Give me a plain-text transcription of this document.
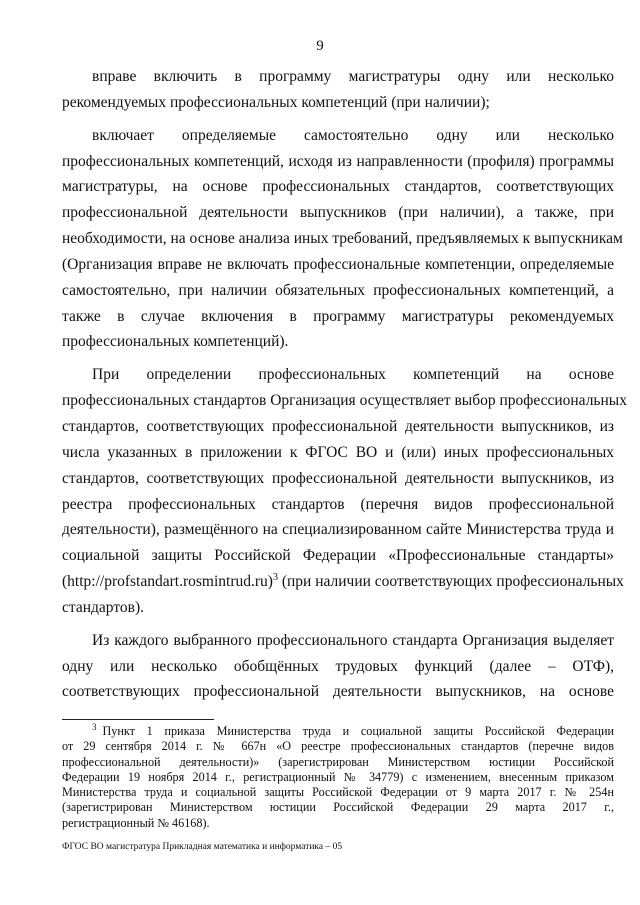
9
вправе включить в программу магистратуры одну или несколько
рекомендуемых профессиональных компетенций (при наличии);
включает определяемые самостоятельно одну или несколько
профессиональных компетенций, исходя из направленности (профиля) программы
магистратуры, на основе профессиональных стандартов, соответствующих
профессиональной деятельности выпускников (при наличии), а также, при
необходимости, на основе анализа иных требований, предъявляемых к выпускникам
(Организация вправе не включать профессиональные компетенции, определяемые
самостоятельно, при наличии обязательных профессиональных компетенций, а
также в случае включения в программу магистратуры рекомендуемых
профессиональных компетенций).
При определении профессиональных компетенций на основе
профессиональных стандартов Организация осуществляет выбор профессиональных
стандартов, соответствующих профессиональной деятельности выпускников, из
числа указанных в приложении к ФГОС ВО и (или) иных профессиональных
стандартов, соответствующих профессиональной деятельности выпускников, из
реестра профессиональных стандартов (перечня видов профессиональной
деятельности), размещённого на специализированном сайте Министерства труда и
социальной защиты Российской Федерации «Профессиональные стандарты»
(http://profstandart.rosmintrud.ru)$^3$ (при наличии соответствующих профессиональных
стандартов).
Из каждого выбранного профессионального стандарта Организация выделяет
одну или несколько обобщённых трудовых функций (далее – ОТФ),
соответствующих профессиональной деятельности выпускников, на основе
$^3$ Пункт 1 приказа Министерства труда и социальной защиты Российской Федерации
от 29 сентября 2014 г. № 667н «О реестре профессиональных стандартов (перечне видов
профессиональной деятельности)» (зарегистрирован Министерством юстиции Российской
Федерации 19 ноября 2014 г., регистрационный № 34779) с изменением, внесенным приказом
Министерства труда и социальной защиты Российской Федерации от 9 марта 2017 г. № 254н
(зарегистрирован Министерством юстиции Российской Федерации 29 марта 2017 г.,
регистрационный № 46168).
ФГОС ВО магистратура Прикладная математика и информатика – 05
